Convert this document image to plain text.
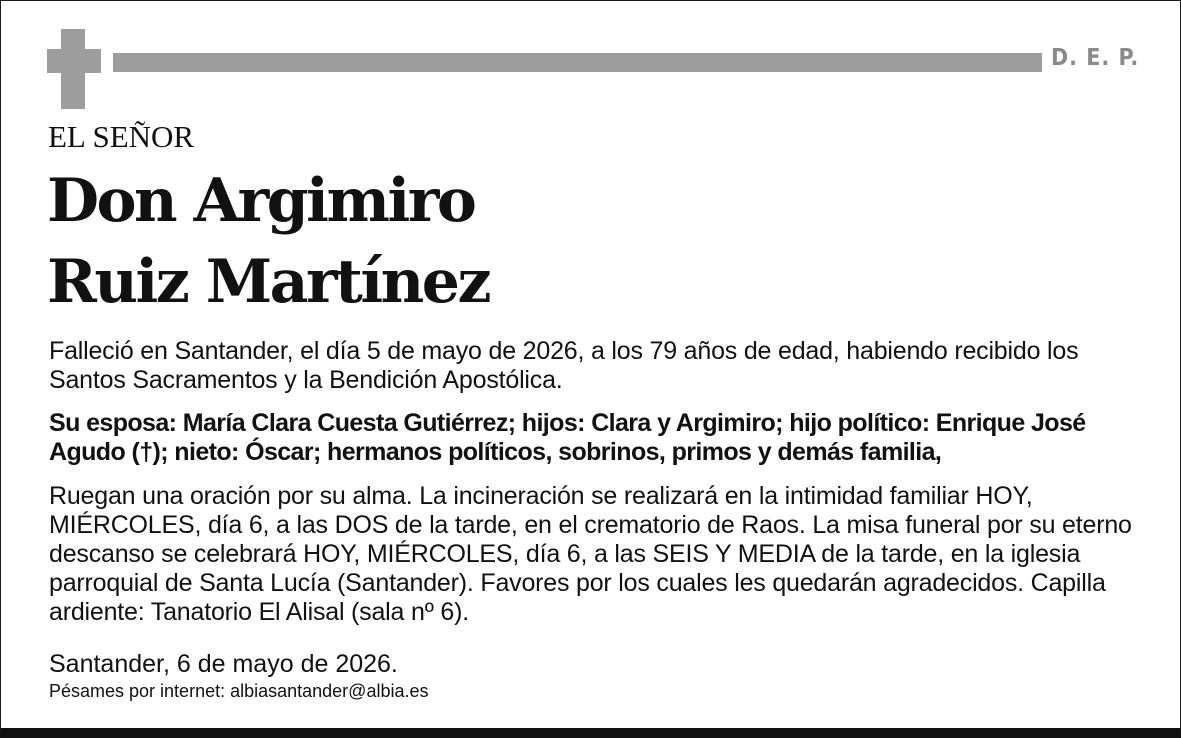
D. E. P.
EL SEÑOR
Don Argimiro
Ruiz Martínez

Falleció en Santander, el día 5 de mayo de 2026, a los 79 años de edad, habiendo recibido los Santos Sacramentos y la Bendición Apostólica.

Su esposa: María Clara Cuesta Gutiérrez; hijos: Clara y Argimiro; hijo político: Enrique José Agudo (†); nieto: Óscar; hermanos políticos, sobrinos, primos y demás familia,

Ruegan una oración por su alma. La incineración se realizará en la intimidad familiar HOY, MIÉRCOLES, día 6, a las DOS de la tarde, en el crematorio de Raos. La misa funeral por su eterno descanso se celebrará HOY, MIÉRCOLES, día 6, a las SEIS Y MEDIA de la tarde, en la iglesia parroquial de Santa Lucía (Santander). Favores por los cuales les quedarán agradecidos. Capilla ardiente: Tanatorio El Alisal (sala nº 6).

Santander, 6 de mayo de 2026.
Pésames por internet: albiasantander@albia.es
